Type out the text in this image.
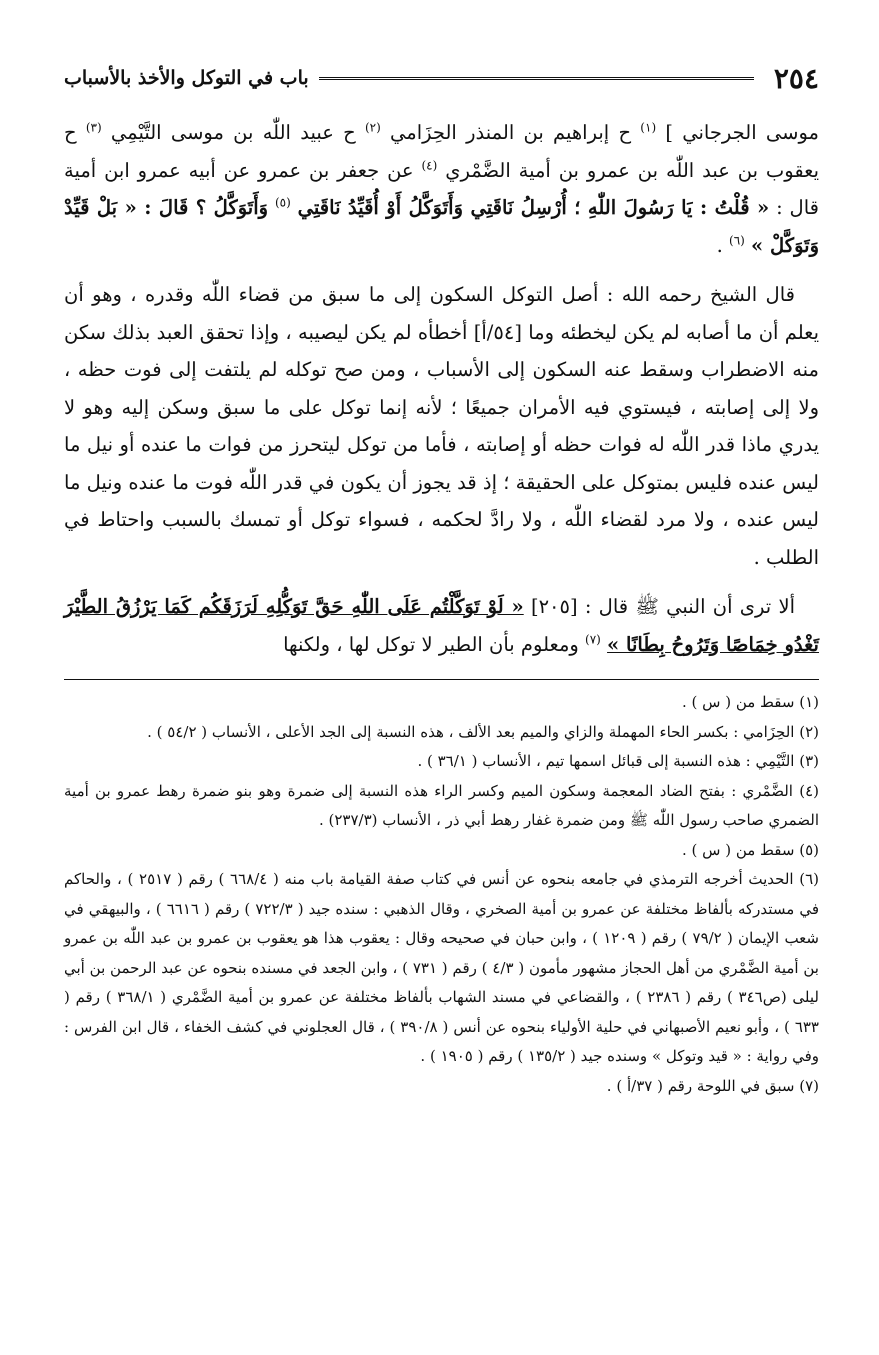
٢٥٤
باب في التوكل والأخذ بالأسباب

موسى الجرجاني ] $^{(١)}$ ح إبراهيم بن المنذر الحِزَامي $^{(٢)}$ ح عبيد اللّٰه بن موسى التَّيْمِي $^{(٣)}$ ح يعقوب بن عبد اللّٰه بن عمرو بن أمية الضَّمْري $^{(٤)}$ عن جعفر بن عمرو عن أبيه عمرو ابن أمية قال : « قُلْتُ : يَا رَسُولَ اللّٰهِ ؛ أُرْسِلُ نَاقَتِي وَأَتَوَكَّلُ أَوْ أُقَيِّدُ نَاقَتِي $^{(٥)}$ وَأَتَوَكَّلُ ؟ قَالَ : « بَلْ قَيِّدْ وَتَوَكَّلْ » $^{(٦)}$ .

قال الشيخ رحمه الله : أصل التوكل السكون إلى ما سبق من قضاء اللّٰه وقدره ، وهو أن يعلم أن ما أصابه لم يكن ليخطئه وما [٥٤/أ] أخطأه لم يكن ليصيبه ، وإذا تحقق العبد بذلك سكن منه الاضطراب وسقط عنه السكون إلى الأسباب ، ومن صح توكله لم يلتفت إلى فوت حظه ، ولا إلى إصابته ، فيستوي فيه الأمران جميعًا ؛ لأنه إنما توكل على ما سبق وسكن إليه وهو لا يدري ماذا قدر اللّٰه له فوات حظه أو إصابته ، فأما من توكل ليتحرز من فوات ما عنده أو نيل ما ليس عنده فليس بمتوكل على الحقيقة ؛ إذ قد يجوز أن يكون في قدر اللّٰه فوت ما عنده ونيل ما ليس عنده ، ولا مرد لقضاء اللّٰه ، ولا رادَّ لحكمه ، فسواء توكل أو تمسك بالسبب واحتاط في الطلب .

ألا ترى أن النبي ﷺ قال : [٢٠٥] « لَوْ تَوَكَّلْتُم عَلَى اللّٰهِ حَقَّ تَوَكُّلِهِ لَرَزَقَكُم كَمَا يَرْزُقُ الطَّيْرَ تَغْدُو خِمَاصًا وَتَرُوحُ بِطَانًا » $^{(٧)}$ ومعلوم بأن الطير لا توكل لها ، ولكنها

(١) سقط من ( س ) .

(٢) الحِزَامي : بكسر الحاء المهملة والزاي والميم بعد الألف ، هذه النسبة إلى الجد الأعلى ، الأنساب ( ٥٤/٢ ) .

(٣) التَّيْمِي : هذه النسبة إلى قبائل اسمها تيم ، الأنساب ( ٣٦/١ ) .

(٤) الضَّمْري : بفتح الضاد المعجمة وسكون الميم وكسر الراء هذه النسبة إلى ضمرة وهو بنو ضمرة رهط عمرو بن أمية الضمري صاحب رسول اللّٰه ﷺ ومن ضمرة غفار رهط أبي ذر ، الأنساب (٢٣٧/٣) .

(٥) سقط من ( س ) .

(٦) الحديث أخرجه الترمذي في جامعه بنحوه عن أنس في كتاب صفة القيامة باب منه ( ٦٦٨/٤ ) رقم ( ٢٥١٧ ) ، والحاكم في مستدركه بألفاظ مختلفة عن عمرو بن أمية الصخري ، وقال الذهبي : سنده جيد ( ٧٢٢/٣ ) رقم ( ٦٦١٦ ) ، والبيهقي في شعب الإيمان ( ٧٩/٢ ) رقم ( ١٢٠٩ ) ، وابن حبان في صحيحه وقال : يعقوب هذا هو يعقوب بن عمرو بن عبد اللّٰه بن عمرو بن أمية الضَّمْري من أهل الحجاز مشهور مأمون ( ٤/٣ ) رقم ( ٧٣١ ) ، وابن الجعد في مسنده بنحوه عن عبد الرحمن بن أبي ليلى (ص٣٤٦ ) رقم ( ٢٣٨٦ ) ، والقضاعي في مسند الشهاب بألفاظ مختلفة عن عمرو بن أمية الضَّمْري ( ٣٦٨/١ ) رقم ( ٦٣٣ ) ، وأبو نعيم الأصبهاني في حلية الأولياء بنحوه عن أنس ( ٣٩٠/٨ ) ، قال العجلوني في كشف الخفاء ، قال ابن الفرس : وفي رواية : « قيد وتوكل » وسنده جيد ( ١٣٥/٢ ) رقم ( ١٩٠٥ ) .

(٧) سبق في اللوحة رقم ( ٣٧/أ ) .
